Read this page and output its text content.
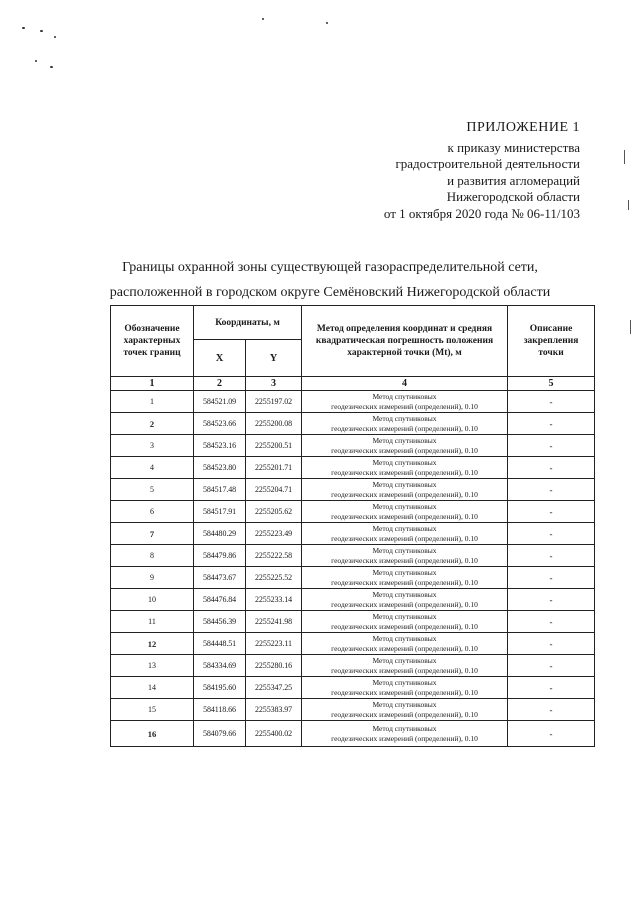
ПРИЛОЖЕНИЕ 1
к приказу министерства
градостроительной деятельности
и развития агломераций
Нижегородской области
от 1 октября 2020 года № 06-11/103
Границы охранной зоны существующей газораспределительной сети,
расположенной в городском округе Семёновский Нижегородской области
Обозначение характерных точек границ	Координаты, м		Метод определения координат и средняя квадратическая погрешность положения характерной точки (Mt), м	Описание закрепления точки
	X	Y		
1	2	3	4	5
1	584521.09	2255197.02	Метод спутниковых
геодезических измерений (определений), 0.10	-
2	584523.66	2255200.08	Метод спутниковых
геодезических измерений (определений), 0.10	-
3	584523.16	2255200.51	Метод спутниковых
геодезических измерений (определений), 0.10	-
4	584523.80	2255201.71	Метод спутниковых
геодезических измерений (определений), 0.10	-
5	584517.48	2255204.71	Метод спутниковых
геодезических измерений (определений), 0.10	-
6	584517.91	2255205.62	Метод спутниковых
геодезических измерений (определений), 0.10	-
7	584480.29	2255223.49	Метод спутниковых
геодезических измерений (определений), 0.10	-
8	584479.86	2255222.58	Метод спутниковых
геодезических измерений (определений), 0.10	-
9	584473.67	2255225.52	Метод спутниковых
геодезических измерений (определений), 0.10	-
10	584476.84	2255233.14	Метод спутниковых
геодезических измерений (определений), 0.10	-
11	584456.39	2255241.98	Метод спутниковых
геодезических измерений (определений), 0.10	-
12	584448.51	2255223.11	Метод спутниковых
геодезических измерений (определений), 0.10	-
13	584334.69	2255280.16	Метод спутниковых
геодезических измерений (определений), 0.10	-
14	584195.60	2255347.25	Метод спутниковых
геодезических измерений (определений), 0.10	-
15	584118.66	2255383.97	Метод спутниковых
геодезических измерений (определений), 0.10	-
16	584079.66	2255400.02	Метод спутниковых
геодезических измерений (определений), 0.10	-
